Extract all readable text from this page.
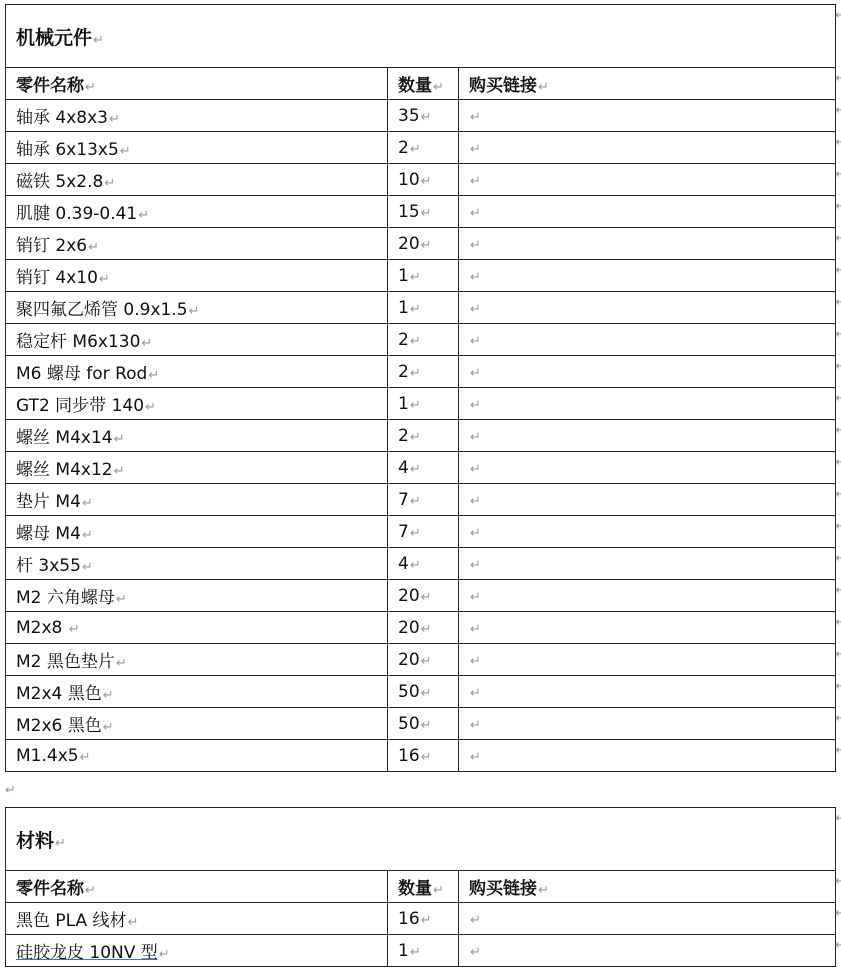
机械元件↵
零件名称↵	数量↵	购买链接↵
轴承 4x8x3↵	35↵	↵
轴承 6x13x5↵	2↵	↵
磁铁 5x2.8↵	10↵	↵
肌腱 0.39-0.41↵	15↵	↵
销钉 2x6↵	20↵	↵
销钉 4x10↵	1↵	↵
聚四氟乙烯管 0.9x1.5↵	1↵	↵
稳定杆 M6x130↵	2↵	↵
M6 螺母 for Rod↵	2↵	↵
GT2 同步带 140↵	1↵	↵
螺丝 M4x14↵	2↵	↵
螺丝 M4x12↵	4↵	↵
垫片 M4↵	7↵	↵
螺母 M4↵	7↵	↵
杆 3x55↵	4↵	↵
M2 六角螺母↵	20↵	↵
M2x8 ↵	20↵	↵
M2 黑色垫片↵	20↵	↵
M2x4 黑色↵	50↵	↵
M2x6 黑色↵	50↵	↵
M1.4x5↵	16↵	↵
↵
材料↵
零件名称↵	数量↵	购买链接↵
黑色 PLA 线材↵	16↵	↵
硅胶龙皮 10NV 型↵	1↵	↵
↵
↵
↵
↵
↵
↵
↵
↵
↵
↵
↵
↵
↵
↵
↵
↵
↵
↵
↵
↵
↵
↵
↵
↵
↵
↵
↵
